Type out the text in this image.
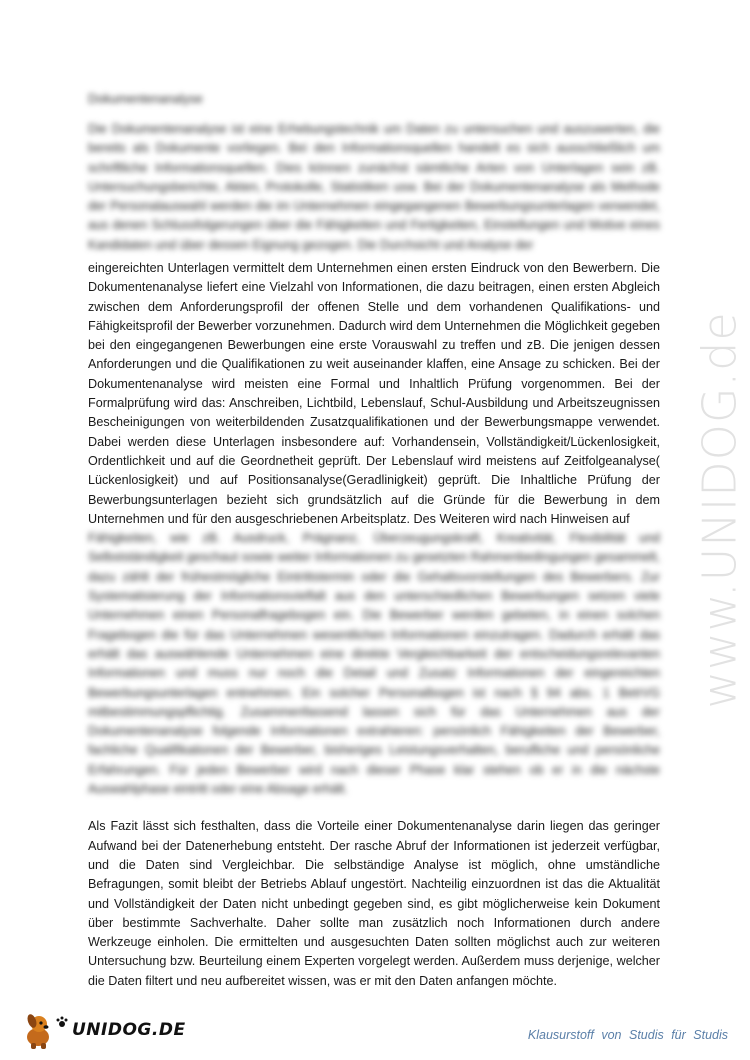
Dokumentenanalyse
Die Dokumentenanalyse ist eine Erhebungstechnik um Daten zu untersuchen und auszuwerten, die bereits als Dokumente vorliegen. Bei den Informationsquellen handelt es sich ausschließlich um schriftliche Informationsquellen. Dies können zunächst sämtliche Arten von Unterlagen sein zB. Untersuchungsberichte, Akten, Protokolle, Statistiken usw. Bei der Dokumentenanalyse als Methode der Personalauswahl werden die im Unternehmen eingegangenen Bewerbungsunterlagen verwendet, aus denen Schlussfolgerungen über die Fähigkeiten und Fertigkeiten, Einstellungen und Motive eines Kandidaten und über dessen Eignung gezogen. Die Durchsicht und Analyse der
eingereichten Unterlagen vermittelt dem Unternehmen einen ersten Eindruck von den Bewerbern. Die Dokumentenanalyse liefert eine Vielzahl von Informationen, die dazu beitragen, einen ersten Abgleich zwischen dem Anforderungsprofil der offenen Stelle und dem vorhandenen Qualifikations- und Fähigkeitsprofil der Bewerber vorzunehmen. Dadurch wird dem Unternehmen die Möglichkeit gegeben bei den eingegangenen Bewerbungen eine erste Vorauswahl zu treffen und zB. Die jenigen dessen Anforderungen und die Qualifikationen zu weit auseinander klaffen, eine Ansage zu schicken. Bei der Dokumentenanalyse wird meisten eine Formal und Inhaltlich Prüfung vorgenommen. Bei der Formalprüfung wird das: Anschreiben, Lichtbild, Lebenslauf, Schul-Ausbildung und Arbeitszeugnissen Bescheinigungen von weiterbildenden Zusatzqualifikationen und der Bewerbungsmappe verwendet. Dabei werden diese Unterlagen insbesondere auf: Vorhandensein, Vollständigkeit/Lückenlosigkeit, Ordentlichkeit und auf die Geordnetheit geprüft. Der Lebenslauf wird meistens auf Zeitfolgeanalyse( Lückenlosigkeit) und auf Positionsanalyse(Geradlinigkeit) geprüft. Die Inhaltliche Prüfung der Bewerbungsunterlagen bezieht sich grundsätzlich auf die Gründe für die Bewerbung in dem Unternehmen und für den ausgeschriebenen Arbeitsplatz. Des Weiteren wird nach Hinweisen auf
Fähigkeiten, wie zB. Ausdruck, Prägnanz, Überzeugungskraft, Kreativität, Flexibilität und Selbstständigkeit geschaut sowie weiter Informationen zu gesetzten Rahmenbedingungen gesammelt, dazu zählt der frühestmögliche Eintrittstermin oder die Gehaltsvorstellungen des Bewerbers. Zur Systematisierung der Informationsvielfalt aus den unterschiedlichen Bewerbungen setzen viele Unternehmen einen Personalfragebogen ein. Die Bewerber werden gebeten, in einen solchen Fragebogen die für das Unternehmen wesentlichen Informationen einzutragen. Dadurch erhält das erhält das auswählende Unternehmen eine direkte Vergleichbarkeit der entscheidungsrelevanten Informationen und muss nur noch die Detail und Zusatz Informationen der eingereichten Bewerbungsunterlagen entnehmen. Ein solcher Personalbogen ist nach § 94 abs. 1 BetrVG mitbestimmungspflichtig. Zusammenfassend lassen sich für das Unternehmen aus der Dokumentenanalyse folgende Informationen extrahieren: persönlich Fähigkeiten der Bewerber, fachliche Qualifikationen der Bewerber, bisheriges Leistungsverhalten, berufliche und persönliche Erfahrungen. Für jeden Bewerber wird nach dieser Phase klar stehen ob er in die nächste Auswahlphase eintritt oder eine Absage erhält.
Als Fazit lässt sich festhalten, dass die Vorteile einer Dokumentenanalyse darin liegen das geringer Aufwand bei der Datenerhebung entsteht. Der rasche Abruf der Informationen ist jederzeit verfügbar, und die Daten sind Vergleichbar. Die selbständige Analyse ist möglich, ohne umständliche Befragungen, somit bleibt der Betriebs Ablauf ungestört. Nachteilig einzuordnen ist das die Aktualität und Vollständigkeit der Daten nicht unbedingt gegeben sind, es gibt möglicherweise kein Dokument über bestimmte Sachverhalte. Daher sollte man zusätzlich noch Informationen durch andere Werkzeuge einholen. Die ermittelten und ausgesuchten Daten sollten möglichst auch zur weiteren Untersuchung bzw. Beurteilung einem Experten vorgelegt werden. Außerdem muss derjenige, welcher die Daten filtert und neu aufbereitet wissen, was er mit den Daten anfangen möchte.
www.UNIDOG.de
UNIDOG.DE	Klausurstoff von Studis für Studis
